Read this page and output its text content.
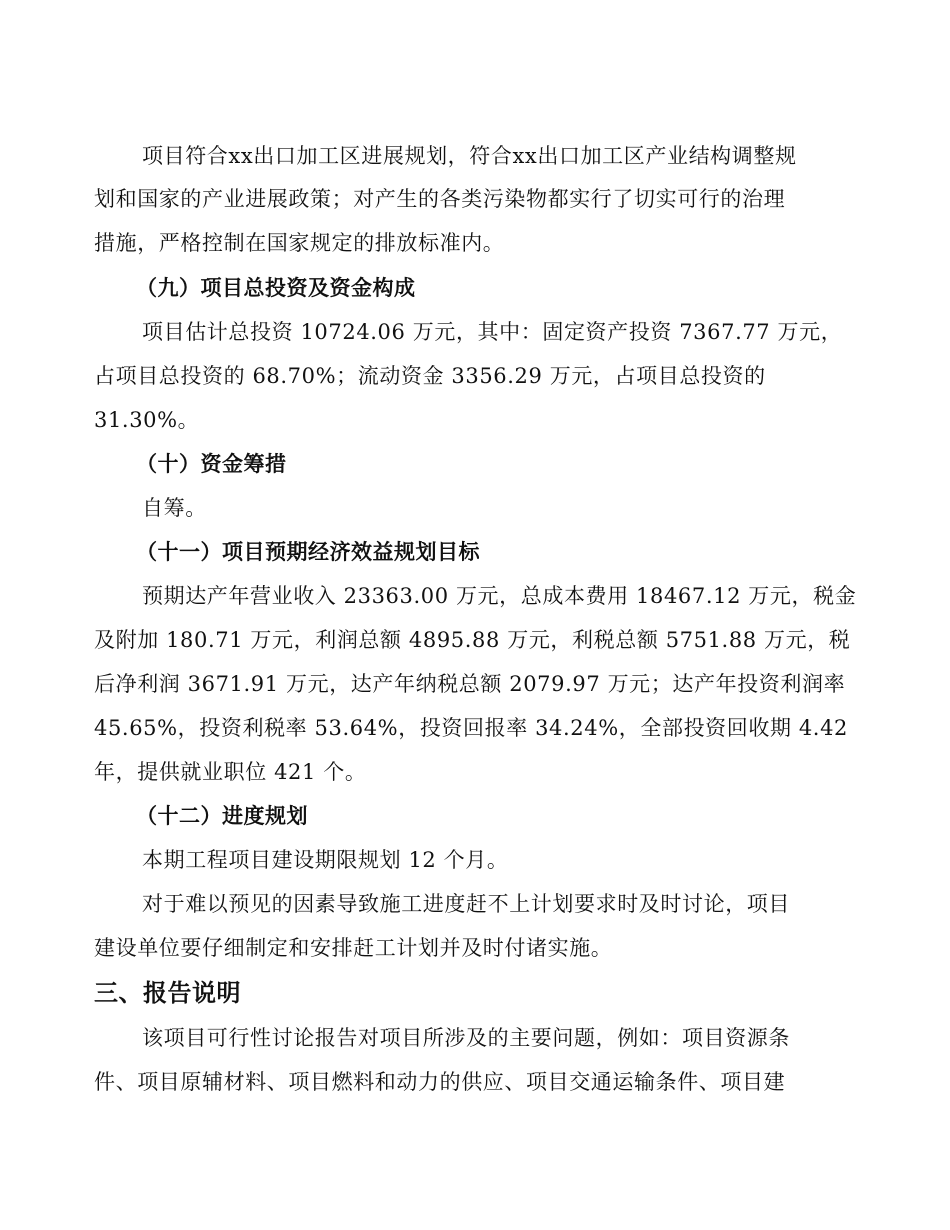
项目符合xx出口加工区进展规划，符合xx出口加工区产业结构调整规
划和国家的产业进展政策；对产生的各类污染物都实行了切实可行的治理
措施，严格控制在国家规定的排放标准内。
（九）项目总投资及资金构成
项目估计总投资 10724.06 万元，其中：固定资产投资 7367.77 万元，
占项目总投资的 68.70%；流动资金 3356.29 万元，占项目总投资的
31.30%。
（十）资金筹措
自筹。
（十一）项目预期经济效益规划目标
预期达产年营业收入 23363.00 万元，总成本费用 18467.12 万元，税金
及附加 180.71 万元，利润总额 4895.88 万元，利税总额 5751.88 万元，税
后净利润 3671.91 万元，达产年纳税总额 2079.97 万元；达产年投资利润率
45.65%，投资利税率 53.64%，投资回报率 34.24%，全部投资回收期 4.42
年，提供就业职位 421 个。
（十二）进度规划
本期工程项目建设期限规划 12 个月。
对于难以预见的因素导致施工进度赶不上计划要求时及时讨论，项目
建设单位要仔细制定和安排赶工计划并及时付诸实施。
三、报告说明
该项目可行性讨论报告对项目所涉及的主要问题，例如：项目资源条
件、项目原辅材料、项目燃料和动力的供应、项目交通运输条件、项目建
